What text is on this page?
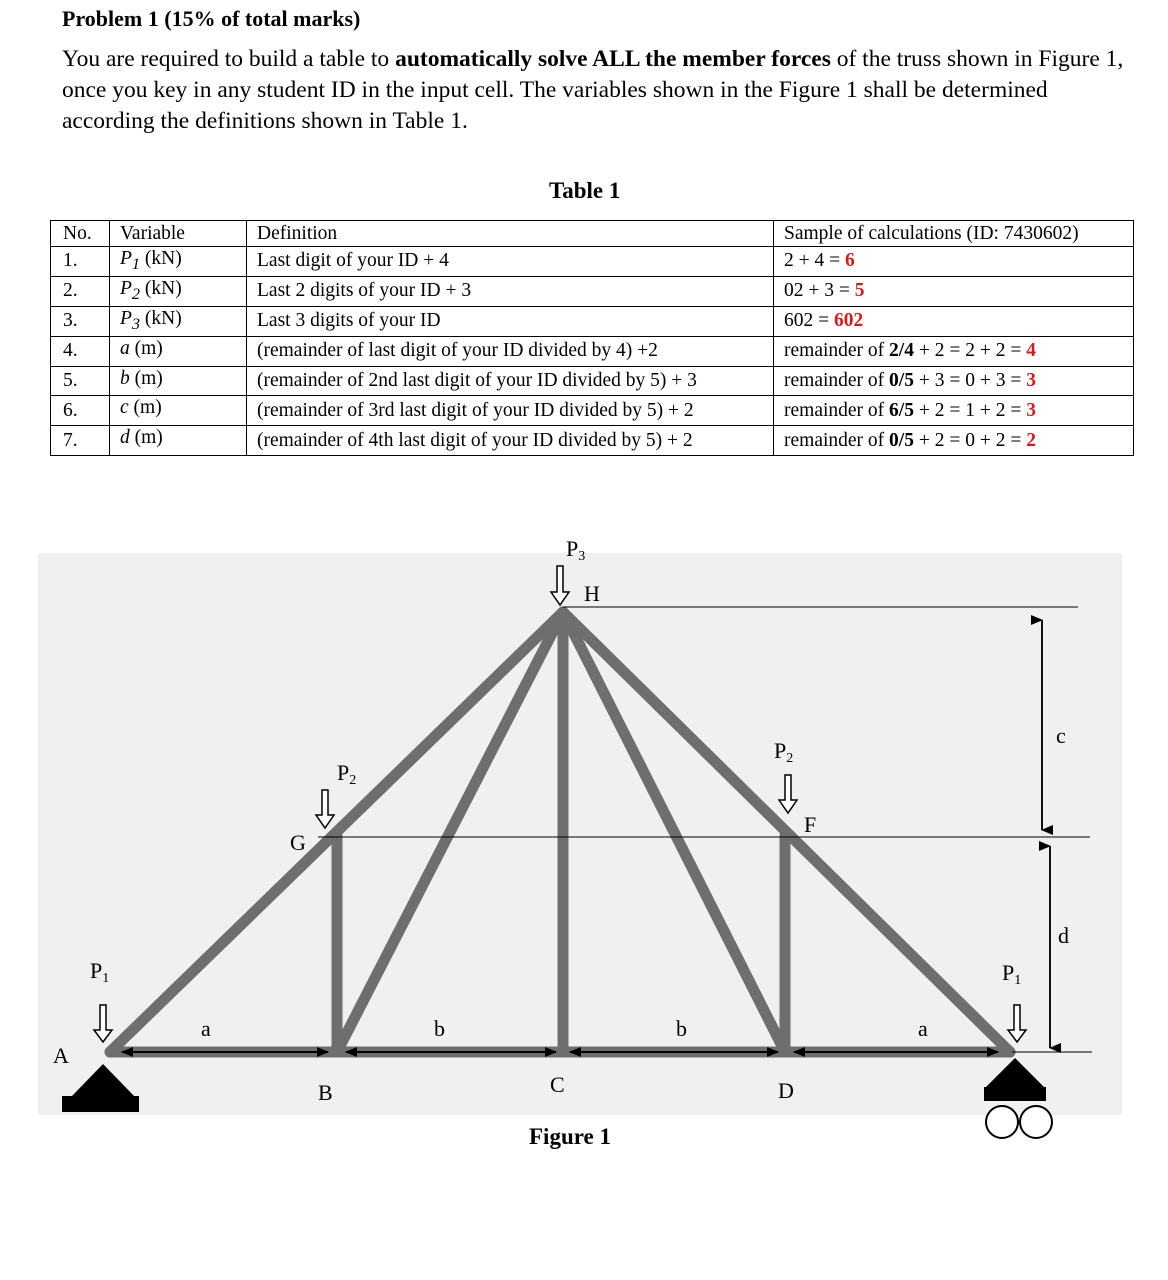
Problem 1 (15% of total marks)
You are required to build a table to automatically solve ALL the member forces of the truss shown in Figure 1, once you key in any student ID in the input cell. The variables shown in the Figure 1 shall be determined according the definitions shown in Table 1.
Table 1
No.	Variable	Definition	Sample of calculations (ID: 7430602)
1.	$P_1$ (kN)	Last digit of your ID + 4	2 + 4 = 6
2.	$P_2$ (kN)	Last 2 digits of your ID + 3	02 + 3 = 5
3.	$P_3$ (kN)	Last 3 digits of your ID	602 = 602
4.	a (m)	(remainder of last digit of your ID divided by 4) +2	remainder of 2/4 + 2 = 2 + 2 = 4
5.	b (m)	(remainder of 2nd last digit of your ID divided by 5) + 3	remainder of 0/5 + 3 = 0 + 3 = 3
6.	c (m)	(remainder of 3rd last digit of your ID divided by 5) + 2	remainder of 6/5 + 2 = 1 + 2 = 3
7.	d (m)	(remainder of 4th last digit of your ID divided by 5) + 2	remainder of 0/5 + 2 = 0 + 2 = 2
A
B	C	D
F
G
H
P1	P1
P2
P2
P3
a	b	b	a
c
d
Figure 1
